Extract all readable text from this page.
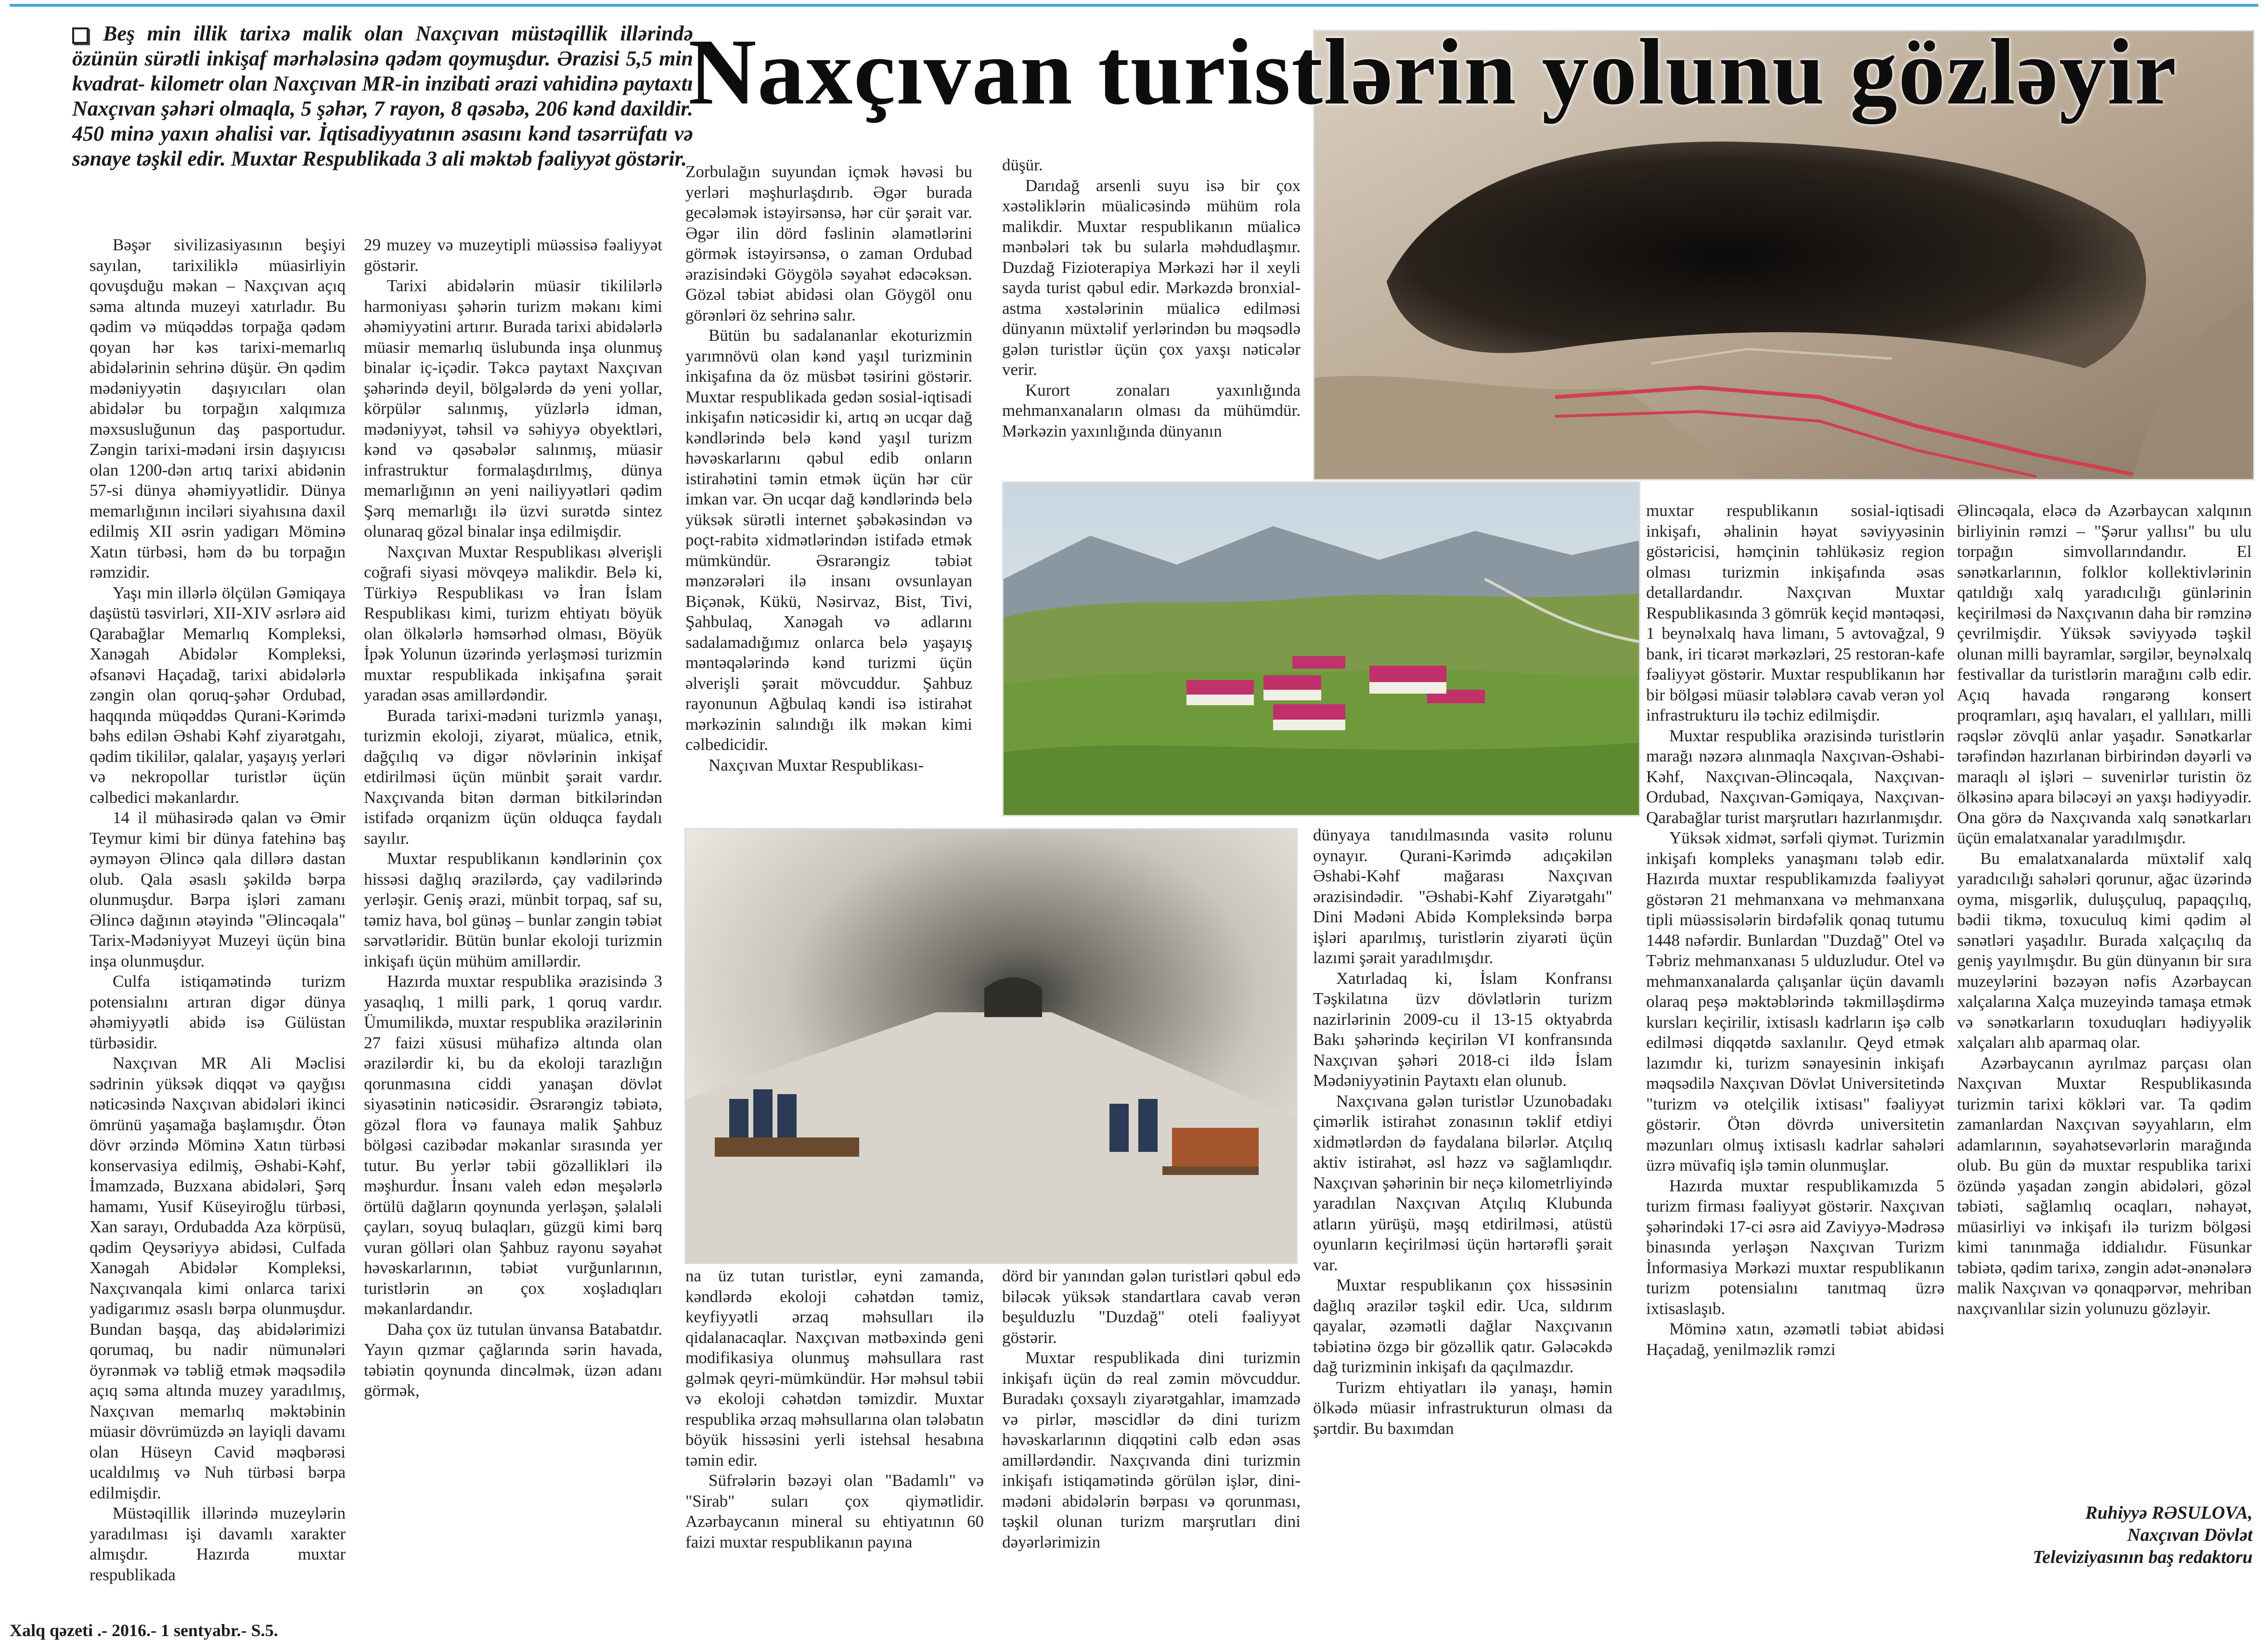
Beş min illik tarixə malik olan Naxçıvan müstəqillik illərində özünün sürətli inkişaf mərhələsinə qədəm qoymuşdur. Ərazisi 5,5 min kvadrat- kilometr olan Naxçıvan MR-in inzibati ərazi vahidinə paytaxtı Naxçıvan şəhəri olmaqla, 5 şəhər, 7 rayon, 8 qəsəbə, 206 kənd daxildir. 450 minə yaxın əhalisi var. İqtisadiyyatının əsasını kənd təsərrüfatı və sənaye təşkil edir. Muxtar Respublikada 3 ali məktəb fəaliyyət göstərir.
Naxçıvan turistlərin yolunu gözləyir

Bəşər sivilizasiyasının beşiyi sayılan, tarixiliklə müasirliyin qovuşduğu məkan – Naxçıvan açıq səma altında muzeyi xatırladır. Bu qədim və müqəddəs torpağa qədəm qoyan hər kəs tarixi-memarlıq abidələrinin sehrinə düşür. Ən qədim mədəniyyətin daşıyıcıları olan abidələr bu torpağın xalqımıza məxsusluğunun daş pasportudur. Zəngin tarixi-mədəni irsin daşıyıcısı olan 1200-dən artıq tarixi abidənin 57-si dünya əhəmiyyətlidir. Dünya memarlığının inciləri siyahısına daxil edilmiş XII əsrin yadigarı Möminə Xatın türbəsi, həm də bu torpağın rəmzidir.

Yaşı min illərlə ölçülən Gəmiqaya daşüstü təsvirləri, XII-XIV əsrlərə aid Qarabağlar Memarlıq Kompleksi, Xanəgah Abidələr Kompleksi, əfsanəvi Haçadağ, tarixi abidələrlə zəngin olan qoruq-şəhər Ordubad, haqqında müqəddəs Qurani-Kərimdə bəhs edilən Əshabi Kəhf ziyarətgahı, qədim tikililər, qalalar, yaşayış yerləri və nekropollar turistlər üçün cəlbedici məkanlardır.

14 il mühasirədə qalan və Əmir Teymur kimi bir dünya fatehinə baş əyməyən Əlincə qala dillərə dastan olub. Qala əsaslı şəkildə bərpa olunmuşdur. Bərpa işləri zamanı Əlincə dağının ətəyində "Əlincəqala" Tarix-Mədəniyyət Muzeyi üçün bina inşa olunmuşdur.

Culfa istiqamətində turizm potensialını artıran digər dünya əhəmiyyətli abidə isə Gülüstan türbəsidir.

Naxçıvan MR Ali Məclisi sədrinin yüksək diqqət və qayğısı nəticəsində Naxçıvan abidələri ikinci ömrünü yaşamağa başlamışdır. Ötən dövr ərzində Möminə Xatın türbəsi konservasiya edilmiş, Əshabi-Kəhf, İmamzadə, Buzxana abidələri, Şərq hamamı, Yusif Küseyiroğlu türbəsi, Xan sarayı, Ordubadda Aza körpüsü, qədim Qeysəriyyə abidəsi, Culfada Xanəgah Abidələr Kompleksi, Naxçıvanqala kimi onlarca tarixi yadigarımız əsaslı bərpa olunmuşdur. Bundan başqa, daş abidələrimizi qorumaq, bu nadir nümunələri öyrənmək və təbliğ etmək məqsədilə açıq səma altında muzey yaradılmış, Naxçıvan memarlıq məktəbinin müasir dövrümüzdə ən layiqli davamı olan Hüseyn Cavid məqbərəsi ucaldılmış və Nuh türbəsi bərpa edilmişdir.

Müstəqillik illərində muzeylərin yaradılması işi davamlı xarakter almışdır. Hazırda muxtar respublikada

29 muzey və muzeytipli müəssisə fəaliyyət göstərir.

Tarixi abidələrin müasir tikililərlə harmoniyası şəhərin turizm məkanı kimi əhəmiyyətini artırır. Burada tarixi abidələrlə müasir memarlıq üslubunda inşa olunmuş binalar iç-içədir. Təkcə paytaxt Naxçıvan şəhərində deyil, bölgələrdə də yeni yollar, körpülər salınmış, yüzlərlə idman, mədəniyyət, təhsil və səhiyyə obyektləri, kənd və qəsəbələr salınmış, müasir infrastruktur formalaşdırılmış, dünya memarlığının ən yeni nailiyyətləri qədim Şərq memarlığı ilə üzvi surətdə sintez olunaraq gözəl binalar inşa edilmişdir.

Naxçıvan Muxtar Respublikası əlverişli coğrafi siyasi mövqeyə malikdir. Belə ki, Türkiyə Respublikası və İran İslam Respublikası kimi, turizm ehtiyatı böyük olan ölkələrlə həmsərhəd olması, Böyük İpək Yolunun üzərində yerləşməsi turizmin muxtar respublikada inkişafına şərait yaradan əsas amillərdəndir.

Burada tarixi-mədəni turizmlə yanaşı, turizmin ekoloji, ziyarət, müalicə, etnik, dağçılıq və digər növlərinin inkişaf etdirilməsi üçün münbit şərait vardır. Naxçıvanda bitən dərman bitkilərindən istifadə orqanizm üçün olduqca faydalı sayılır.

Muxtar respublikanın kəndlərinin çox hissəsi dağlıq ərazilərdə, çay vadilərində yerləşir. Geniş ərazi, münbit torpaq, saf su, təmiz hava, bol günəş – bunlar zəngin təbiət sərvətləridir. Bütün bunlar ekoloji turizmin inkişafı üçün mühüm amillərdir.

Hazırda muxtar respublika ərazisində 3 yasaqlıq, 1 milli park, 1 qoruq vardır. Ümumilikdə, muxtar respublika ərazilərinin 27 faizi xüsusi mühafizə altında olan ərazilərdir ki, bu da ekoloji tarazlığın qorunmasına ciddi yanaşan dövlət siyasətinin nəticəsidir. Əsrarəngiz təbiətə, gözəl flora və faunaya malik Şahbuz bölgəsi cazibədar məkanlar sırasında yer tutur. Bu yerlər təbii gözəllikləri ilə məşhurdur. İnsanı valeh edən meşələrlə örtülü dağların qoynunda yerləşən, şəlaləli çayları, soyuq bulaqları, güzgü kimi bərq vuran gölləri olan Şahbuz rayonu səyahət həvəskarlarının, təbiət vurğunlarının, turistlərin ən çox xoşladıqları məkanlardandır.

Daha çox üz tutulan ünvansa Batabatdır. Yayın qızmar çağlarında sərin havada, təbiətin qoynunda dincəlmək, üzən adanı görmək,

Zorbulağın suyundan içmək həvəsi bu yerləri məşhurlaşdırıb. Əgər burada gecələmək istəyirsənsə, hər cür şərait var. Əgər ilin dörd fəslinin əlamətlərini görmək istəyirsənsə, o zaman Ordubad ərazisindəki Göygölə səyahət edəcəksən. Gözəl təbiət abidəsi olan Göygöl onu görənləri öz sehrinə salır.

Bütün bu sadalananlar ekoturizmin yarımnövü olan kənd yaşıl turizminin inkişafına da öz müsbət təsirini göstərir. Muxtar respublikada gedən sosial-iqtisadi inkişafın nəticəsidir ki, artıq ən ucqar dağ kəndlərində belə kənd yaşıl turizm həvəskarlarını qəbul edib onların istirahətini təmin etmək üçün hər cür imkan var. Ən ucqar dağ kəndlərində belə yüksək sürətli internet şəbəkəsindən və poçt-rabitə xidmətlərindən istifadə etmək mümkündür. Əsrarəngiz təbiət mənzərələri ilə insanı ovsunlayan Biçənək, Kükü, Nəsirvaz, Bist, Tivi, Şahbulaq, Xanəgah və adlarını sadalamadığımız onlarca belə yaşayış məntəqələrində kənd turizmi üçün əlverişli şərait mövcuddur. Şahbuz rayonunun Ağbulaq kəndi isə istirahət mərkəzinin salındığı ilk məkan kimi cəlbedicidir.

Naxçıvan Muxtar Respublikası-

düşür.

Darıdağ arsenli suyu isə bir çox xəstəliklərin müalicəsində mühüm rola malikdir. Muxtar respublikanın müalicə mənbələri tək bu sularla məhdudlaşmır. Duzdağ Fizioterapiya Mərkəzi hər il xeyli sayda turist qəbul edir. Mərkəzdə bronxial-astma xəstələrinin müalicə edilməsi dünyanın müxtəlif yerlərindən bu məqsədlə gələn turistlər üçün çox yaxşı nəticələr verir.

Kurort zonaları yaxınlığında mehmanxanaların olması da mühümdür. Mərkəzin yaxınlığında dünyanın

na üz tutan turistlər, eyni zamanda, kəndlərdə ekoloji cəhətdən təmiz, keyfiyyətli ərzaq məhsulları ilə qidalanacaqlar. Naxçıvan mətbəxində geni modifikasiya olunmuş məhsullara rast gəlmək qeyri-mümkündür. Hər məhsul təbii və ekoloji cəhətdən təmizdir. Muxtar respublika ərzaq məhsullarına olan tələbatın böyük hissəsini yerli istehsal hesabına təmin edir.

Süfrələrin bəzəyi olan "Badamlı" və "Sirab" suları çox qiymətlidir. Azərbaycanın mineral su ehtiyatının 60 faizi muxtar respublikanın payına

dörd bir yanından gələn turistləri qəbul edə biləcək yüksək standartlara cavab verən beşulduzlu "Duzdağ" oteli fəaliyyət göstərir.

Muxtar respublikada dini turizmin inkişafı üçün də real zəmin mövcuddur. Buradakı çoxsaylı ziyarətgahlar, imamzadə və pirlər, məscidlər də dini turizm həvəskarlarının diqqətini cəlb edən əsas amillərdəndir. Naxçıvanda dini turizmin inkişafı istiqamətində görülən işlər, dini-mədəni abidələrin bərpası və qorunması, təşkil olunan turizm marşrutları dini dəyərlərimizin

dünyaya tanıdılmasında vasitə rolunu oynayır. Qurani-Kərimdə adıçəkilən Əshabi-Kəhf mağarası Naxçıvan ərazisindədir. "Əshabi-Kəhf Ziyarətgahı" Dini Mədəni Abidə Kompleksində bərpa işləri aparılmış, turistlərin ziyarəti üçün lazımi şərait yaradılmışdır.

Xatırladaq ki, İslam Konfransı Təşkilatına üzv dövlətlərin turizm nazirlərinin 2009-cu il 13-15 oktyabrda Bakı şəhərində keçirilən VI konfransında Naxçıvan şəhəri 2018-ci ildə İslam Mədəniyyətinin Paytaxtı elan olunub.

Naxçıvana gələn turistlər Uzunobadakı çimərlik istirahət zonasının təklif etdiyi xidmətlərdən də faydalana bilərlər. Atçılıq aktiv istirahət, əsl həzz və sağlamlıqdır. Naxçıvan şəhərinin bir neçə kilometrliyində yaradılan Naxçıvan Atçılıq Klubunda atların yürüşü, məşq etdirilməsi, atüstü oyunların keçirilməsi üçün hərtərəfli şərait var.

Muxtar respublikanın çox hissəsinin dağlıq ərazilər təşkil edir. Uca, sıldırım qayalar, əzəmətli dağlar Naxçıvanın təbiətinə özgə bir gözəllik qatır. Gələcəkdə dağ turizminin inkişafı da qaçılmazdır.

Turizm ehtiyatları ilə yanaşı, həmin ölkədə müasir infrastrukturun olması da şərtdir. Bu baxımdan

muxtar respublikanın sosial-iqtisadi inkişafı, əhalinin həyat səviyyəsinin göstəricisi, həmçinin təhlükəsiz region olması turizmin inkişafında əsas detallardandır. Naxçıvan Muxtar Respublikasında 3 gömrük keçid məntəqəsi, 1 beynəlxalq hava limanı, 5 avtovağzal, 9 bank, iri ticarət mərkəzləri, 25 restoran-kafe fəaliyyət göstərir. Muxtar respublikanın hər bir bölgəsi müasir tələblərə cavab verən yol infrastrukturu ilə təchiz edilmişdir.

Muxtar respublika ərazisində turistlərin marağı nəzərə alınmaqla Naxçıvan-Əshabi-Kəhf, Naxçıvan-Əlincəqala, Naxçıvan-Ordubad, Naxçıvan-Gəmiqaya, Naxçıvan-Qarabağlar turist marşrutları hazırlanmışdır.

Yüksək xidmət, sərfəli qiymət. Turizmin inkişafı kompleks yanaşmanı tələb edir. Hazırda muxtar respublikamızda fəaliyyət göstərən 21 mehmanxana və mehmanxana tipli müəssisələrin birdəfəlik qonaq tutumu 1448 nəfərdir. Bunlardan "Duzdağ" Otel və Təbriz mehmanxanası 5 ulduzludur. Otel və mehmanxanalarda çalışanlar üçün davamlı olaraq peşə məktəblərində təkmilləşdirmə kursları keçirilir, ixtisaslı kadrların işə cəlb edilməsi diqqətdə saxlanılır. Qeyd etmək lazımdır ki, turizm sənayesinin inkişafı məqsədilə Naxçıvan Dövlət Universitetində "turizm və otelçilik ixtisası" fəaliyyət göstərir. Ötən dövrdə universitetin məzunları olmuş ixtisaslı kadrlar sahələri üzrə müvafiq işlə təmin olunmuşlar.

Hazırda muxtar respublikamızda 5 turizm firması fəaliyyət göstərir. Naxçıvan şəhərindəki 17-ci əsrə aid Zaviyyə-Mədrəsə binasında yerləşən Naxçıvan Turizm İnformasiya Mərkəzi muxtar respublikanın turizm potensialını tanıtmaq üzrə ixtisaslaşıb.

Möminə xatın, əzəmətli təbiət abidəsi Haçadağ, yenilməzlik rəmzi

Əlincəqala, eləcə də Azərbaycan xalqının birliyinin rəmzi – "Şərur yallısı" bu ulu torpağın simvollarındandır. El sənətkarlarının, folklor kollektivlərinin qatıldığı xalq yaradıcılığı günlərinin keçirilməsi də Naxçıvanın daha bir rəmzinə çevrilmişdir. Yüksək səviyyədə təşkil olunan milli bayramlar, sərgilər, beynəlxalq festivallar da turistlərin marağını cəlb edir. Açıq havada rəngarəng konsert proqramları, aşıq havaları, el yallıları, milli rəqslər zövqlü anlar yaşadır. Sənətkarlar tərəfindən hazırlanan birbirindən dəyərli və maraqlı əl işləri – suvenirlər turistin öz ölkəsinə apara biləcəyi ən yaxşı hədiyyədir. Ona görə də Naxçıvanda xalq sənətkarları üçün emalatxanalar yaradılmışdır.

Bu emalatxanalarda müxtəlif xalq yaradıcılığı sahələri qorunur, ağac üzərində oyma, misgərlik, duluşçuluq, papaqçılıq, bədii tikmə, toxuculuq kimi qədim əl sənətləri yaşadılır. Burada xalçaçılıq da geniş yayılmışdır. Bu gün dünyanın bir sıra muzeylərini bəzəyən nəfis Azərbaycan xalçalarına Xalça muzeyində tamaşa etmək və sənətkarların toxuduqları hədiyyəlik xalçaları alıb aparmaq olar.

Azərbaycanın ayrılmaz parçası olan Naxçıvan Muxtar Respublikasında turizmin tarixi kökləri var. Ta qədim zamanlardan Naxçıvan səyyahların, elm adamlarının, səyahətsevərlərin marağında olub. Bu gün də muxtar respublika tarixi özündə yaşadan zəngin abidələri, gözəl təbiəti, sağlamlıq ocaqları, nəhayət, müasirliyi və inkişafı ilə turizm bölgəsi kimi tanınmağa iddialıdır. Füsunkar təbiətə, qədim tarixə, zəngin adət-ənənələrə malik Naxçıvan və qonaqpərvər, mehriban naxçıvanlılar sizin yolunuzu gözləyir.

Ruhiyyə RƏSULOVA,
Naxçıvan Dövlət
Televiziyasının baş redaktoru
Xalq qəzeti .- 2016.- 1 sentyabr.- S.5.
